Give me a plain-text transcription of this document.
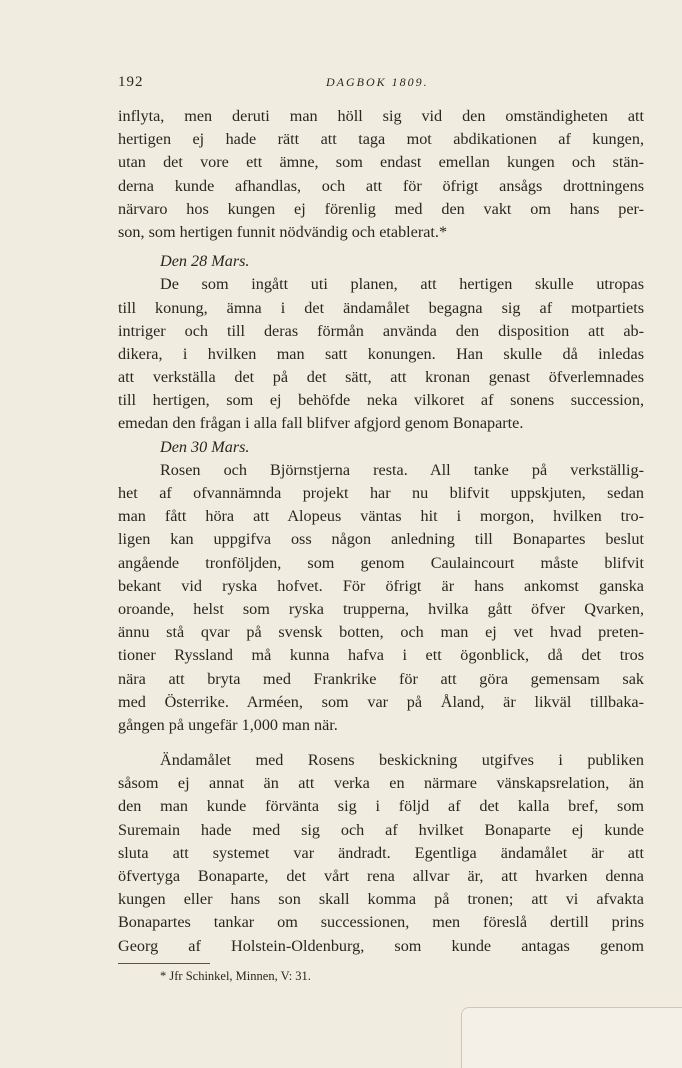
192	DAGBOK 1809.
inflyta, men deruti man höll sig vid den omständigheten att
hertigen ej hade rätt att taga mot abdikationen af kungen,
utan det vore ett ämne, som endast emellan kungen och stän-
derna kunde afhandlas, och att för öfrigt ansågs drottningens
närvaro hos kungen ej förenlig med den vakt om hans per-
son, som hertigen funnit nödvändig och etablerat.*
Den 28 Mars.
De som ingått uti planen, att hertigen skulle utropas
till konung, ämna i det ändamålet begagna sig af motpartiets
intriger och till deras förmån använda den disposition att ab-
dikera, i hvilken man satt konungen. Han skulle då inledas
att verkställa det på det sätt, att kronan genast öfverlemnades
till hertigen, som ej behöfde neka vilkoret af sonens succession,
emedan den frågan i alla fall blifver afgjord genom Bonaparte.
Den 30 Mars.
Rosen och Björnstjerna resta. All tanke på verkställig-
het af ofvannämnda projekt har nu blifvit uppskjuten, sedan
man fått höra att Alopeus väntas hit i morgon, hvilken tro-
ligen kan uppgifva oss någon anledning till Bonapartes beslut
angående tronföljden, som genom Caulaincourt måste blifvit
bekant vid ryska hofvet. För öfrigt är hans ankomst ganska
oroande, helst som ryska trupperna, hvilka gått öfver Qvarken,
ännu stå qvar på svensk botten, och man ej vet hvad preten-
tioner Ryssland må kunna hafva i ett ögonblick, då det tros
nära att bryta med Frankrike för att göra gemensam sak
med Österrike. Arméen, som var på Åland, är likväl tillbaka-
gången på ungefär 1,000 man när.
Ändamålet med Rosens beskickning utgifves i publiken
såsom ej annat än att verka en närmare vänskapsrelation, än
den man kunde förvänta sig i följd af det kalla bref, som
Suremain hade med sig och af hvilket Bonaparte ej kunde
sluta att systemet var ändradt. Egentliga ändamålet är att
öfvertyga Bonaparte, det vårt rena allvar är, att hvarken denna
kungen eller hans son skall komma på tronen; att vi afvakta
Bonapartes tankar om successionen, men föreslå dertill prins
Georg af Holstein-Oldenburg, som kunde antagas genom
* Jfr Schinkel, Minnen, V: 31.
